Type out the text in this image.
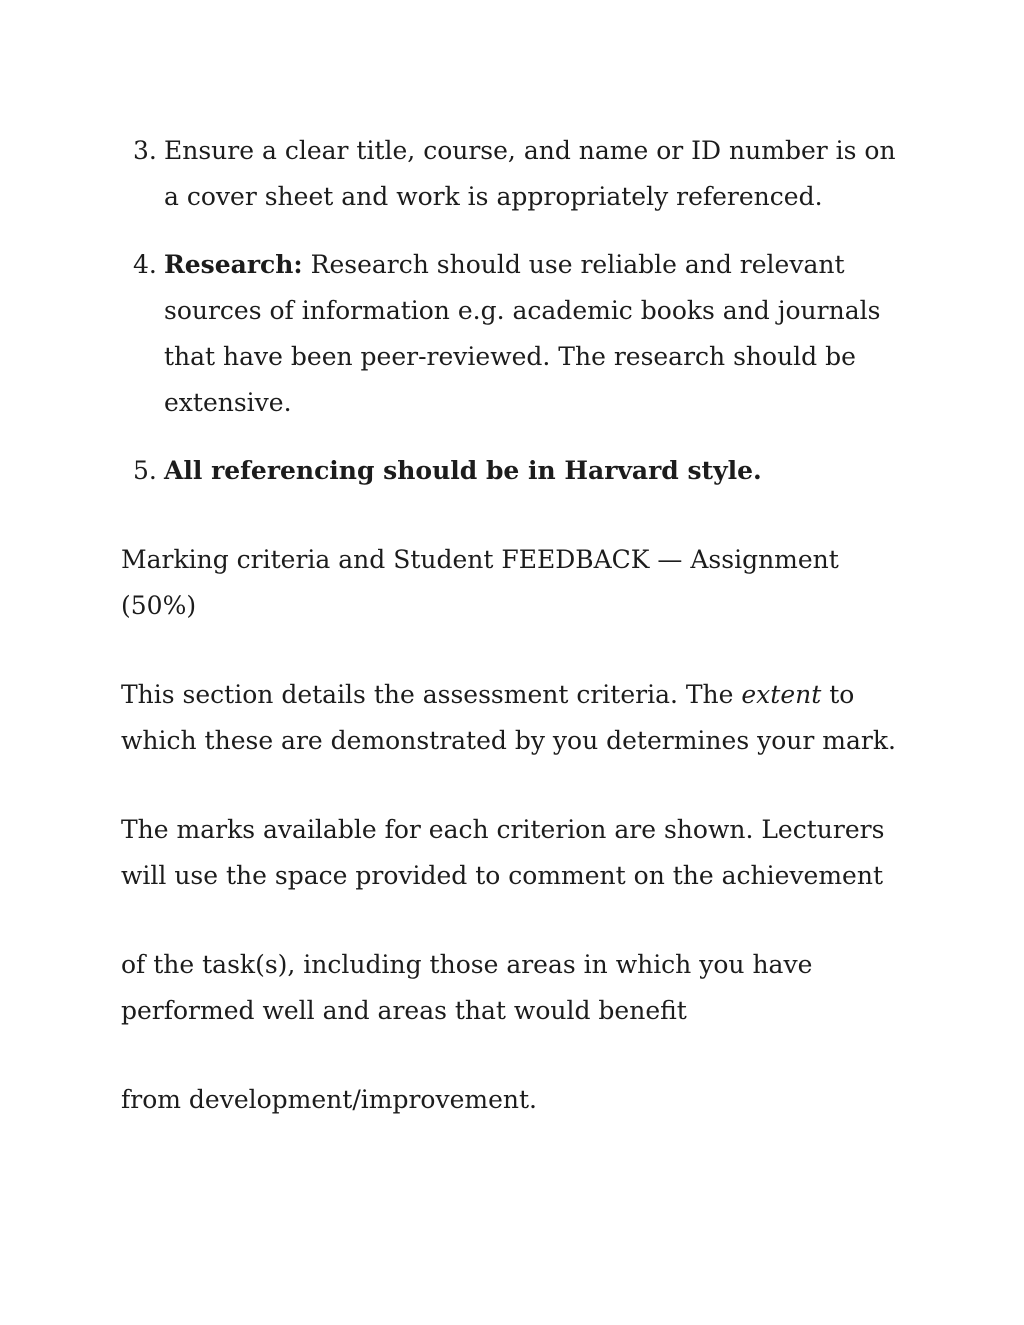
3. Ensure a clear title, course, and name or ID number is on a cover sheet and work is appropriately referenced.
4. Research: Research should use reliable and relevant sources of information e.g. academic books and journals that have been peer-reviewed. The research should be extensive.
5. All referencing should be in Harvard style.

Marking criteria and Student FEEDBACK — Assignment (50%)

This section details the assessment criteria. The extent to which these are demonstrated by you determines your mark.

The marks available for each criterion are shown. Lecturers will use the space provided to comment on the achievement

of the task(s), including those areas in which you have performed well and areas that would benefit

from development/improvement.
